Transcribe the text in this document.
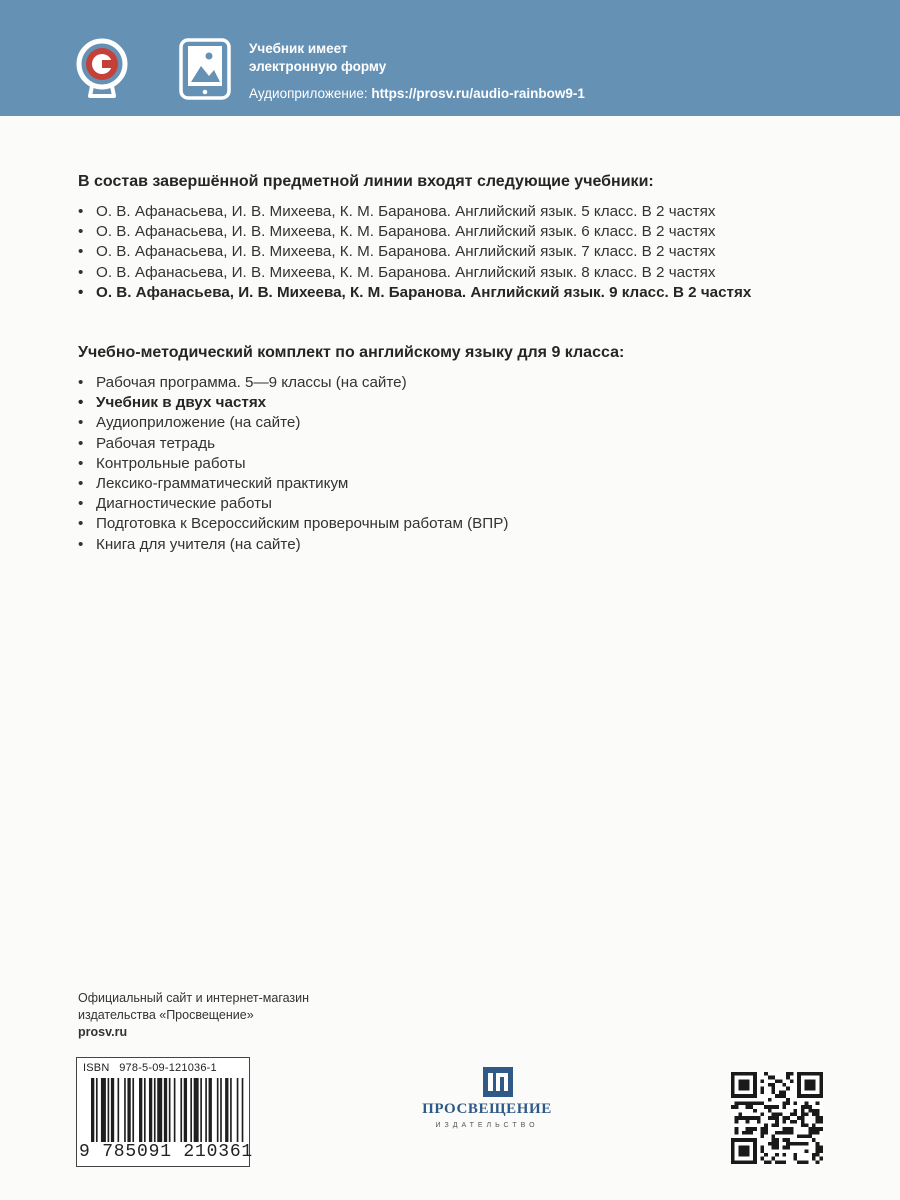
Учебник имеет
электронную форму
Аудиоприложение: https://prosv.ru/audio-rainbow9-1
В состав завершённой предметной линии входят следующие учебники:
• О. В. Афанасьева, И. В. Михеева, К. М. Баранова. Английский язык. 5 класс. В 2 частях
• О. В. Афанасьева, И. В. Михеева, К. М. Баранова. Английский язык. 6 класс. В 2 частях
• О. В. Афанасьева, И. В. Михеева, К. М. Баранова. Английский язык. 7 класс. В 2 частях
• О. В. Афанасьева, И. В. Михеева, К. М. Баранова. Английский язык. 8 класс. В 2 частях
• О. В. Афанасьева, И. В. Михеева, К. М. Баранова. Английский язык. 9 класс. В 2 частях
Учебно-методический комплект по английскому языку для 9 класса:
• Рабочая программа. 5—9 классы (на сайте)
• Учебник в двух частях
• Аудиоприложение (на сайте)
• Рабочая тетрадь
• Контрольные работы
• Лексико-грамматический практикум
• Диагностические работы
• Подготовка к Всероссийским проверочным работам (ВПР)
• Книга для учителя (на сайте)
Официальный сайт и интернет-магазин
издательства «Просвещение»
prosv.ru
ISBN   978-5-09-121036-1
9 785091 210361
ПРОСВЕЩЕНИЕ
ИЗДАТЕЛЬСТВО
